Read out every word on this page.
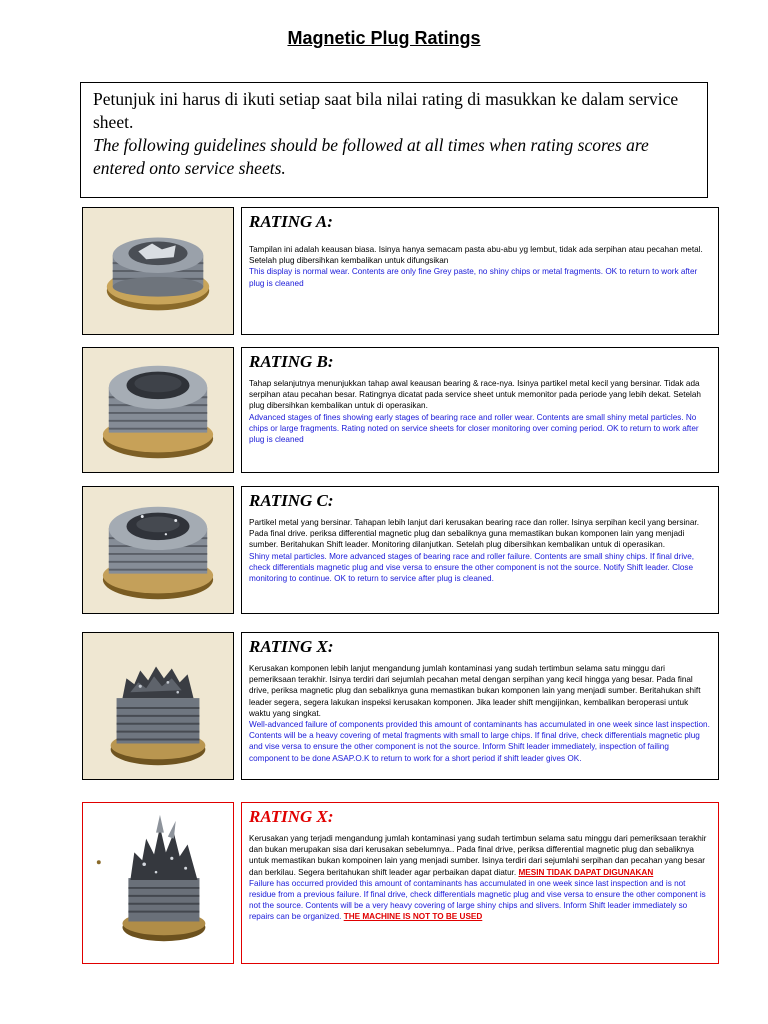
Magnetic Plug Ratings
Petunjuk ini harus di ikuti setiap saat bila nilai rating di masukkan ke dalam service sheet.
The following guidelines should be followed at all times when rating scores are entered onto service sheets.
RATING A:

Tampilan ini adalah keausan biasa. Isinya hanya semacam pasta abu-abu yg lembut, tidak ada serpihan atau pecahan metal. Setelah plug dibersihkan kembalikan untuk difungsikan

This display is normal wear. Contents are only fine Grey paste, no shiny chips or metal fragments. OK to return to work after plug is cleaned

RATING B:

Tahap selanjutnya menunjukkan tahap awal keausan bearing & race-nya. Isinya partikel metal kecil yang bersinar. Tidak ada serpihan atau pecahan besar. Ratingnya dicatat pada service sheet untuk memonitor pada periode yang lebih dekat. Setelah plug dibersihkan kembalikan untuk di operasikan.

Advanced stages of fines showing early stages of bearing race and roller wear. Contents are small shiny metal particles. No chips or large fragments. Rating noted on service sheets for closer monitoring over coming period. OK to return to work after plug is cleaned

RATING C:

Partikel metal yang bersinar. Tahapan lebih lanjut dari kerusakan bearing race dan roller. Isinya serpihan kecil yang bersinar. Pada final drive. periksa differential magnetic plug dan sebaliknya guna memastikan bukan komponen lain yang menjadi sumber. Beritahukan Shift leader. Monitoring dilanjutkan. Setelah plug dibersihkan kembalikan untuk di operasikan.

Shiny metal particles. More advanced stages of bearing race and roller failure. Contents are small shiny chips. If final drive, check differentials magnetic plug and vise versa to ensure the other component is not the source. Notify Shift leader. Close monitoring to continue. OK to return to service after plug is cleaned.

RATING X:

Kerusakan komponen lebih lanjut mengandung jumlah kontaminasi yang sudah tertimbun selama satu minggu dari pemeriksaan terakhir. Isinya terdiri dari sejumlah pecahan metal dengan serpihan yang kecil hingga yang besar. Pada final drive, periksa magnetic plug dan sebaliknya guna memastikan bukan komponen lain yang menjadi sumber. Beritahukan shift leader segera, segera lakukan inspeksi kerusakan komponen. Jika leader shift mengijinkan, kembalikan beroperasi untuk waktu yang singkat.

Well-advanced failure of components provided this amount of contaminants has accumulated in one week since last inspection. Contents will be a heavy covering of metal fragments with small to large chips. If final drive, check differentials magnetic plug and vise versa to ensure the other component is not the source. Inform Shift leader immediately, inspection of failing component to be done ASAP.O.K to return to work for a short period if shift leader gives OK.

RATING X:

Kerusakan yang terjadi mengandung jumlah kontaminasi yang sudah tertimbun selama satu minggu dari pemeriksaan terakhir dan bukan merupakan sisa dari kerusakan sebelumnya.. Pada final drive, periksa differential magnetic plug dan sebaliknya untuk memastikan bukan kompoinen lain yang menjadi sumber. Isinya terdiri dari sejumlahi serpihan dan pecahan yang besar dan berkilau. Segera beritahukan shift leader agar perbaikan dapat diatur. MESIN TIDAK DAPAT DIGUNAKAN

Failure has occurred provided this amount of contaminants has accumulated in one week since last inspection and is not residue from a previous failure. If final drive, check differentials magnetic plug and vise versa to ensure the other component is not the source. Contents will be a very heavy covering of large shiny chips and slivers. Inform Shift leader immediately so repairs can be organized. THE MACHINE IS NOT TO BE USED
